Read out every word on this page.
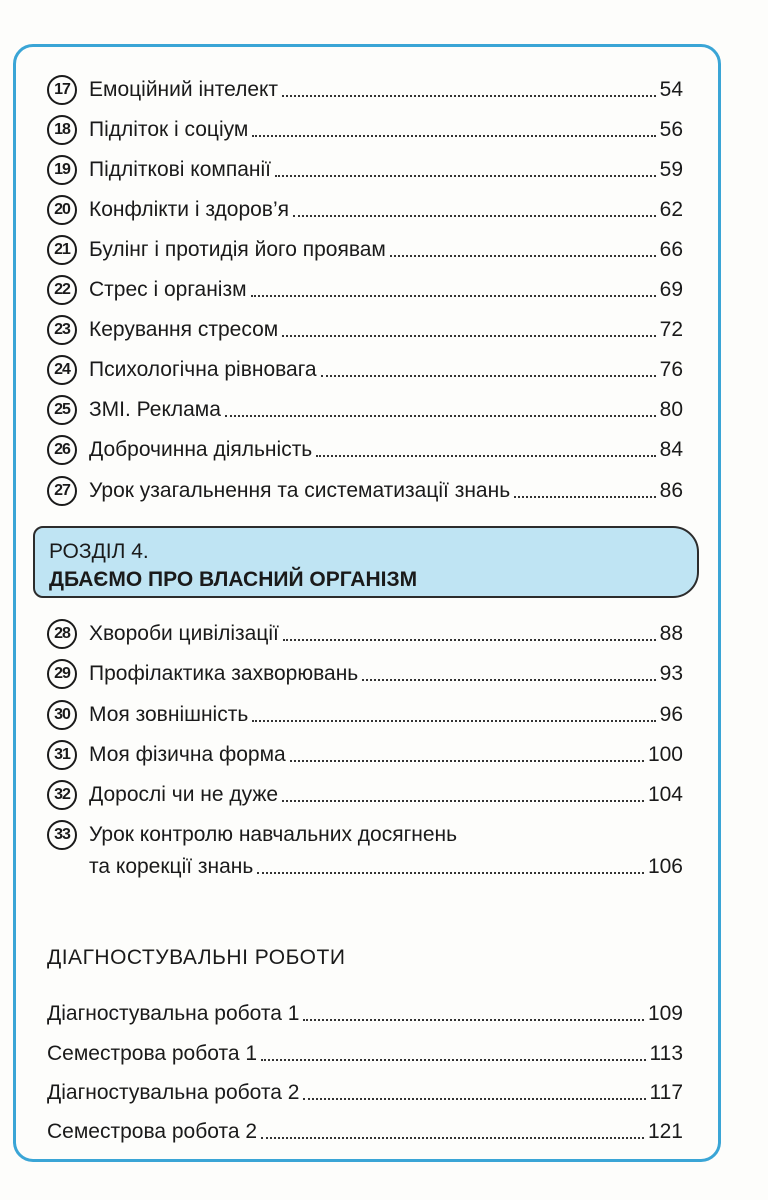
17 Емоційний інтелект	54
18 Підліток і соціум	56
19 Підліткові компанії	59
20 Конфлікти і здоров’я	62
21 Булінг і протидія його проявам	66
22 Стрес і організм	69
23 Керування стресом	72
24 Психологічна рівновага	76
25 ЗМІ. Реклама	80
26 Доброчинна діяльність	84
27 Урок узагальнення та систематизації знань	86
РОЗДІЛ 4.
ДБАЄМО ПРО ВЛАСНИЙ ОРГАНІЗМ
28 Хвороби цивілізації	88
29 Профілактика захворювань	93
30 Моя зовнішність	96
31 Моя фізична форма	100
32 Дорослі чи не дуже	104
33 Урок контролю навчальних досягнень
та корекції знань	106
ДІАГНОСТУВАЛЬНІ РОБОТИ
Діагностувальна робота 1	109
Семестрова робота 1	113
Діагностувальна робота 2	117
Семестрова робота 2	121
